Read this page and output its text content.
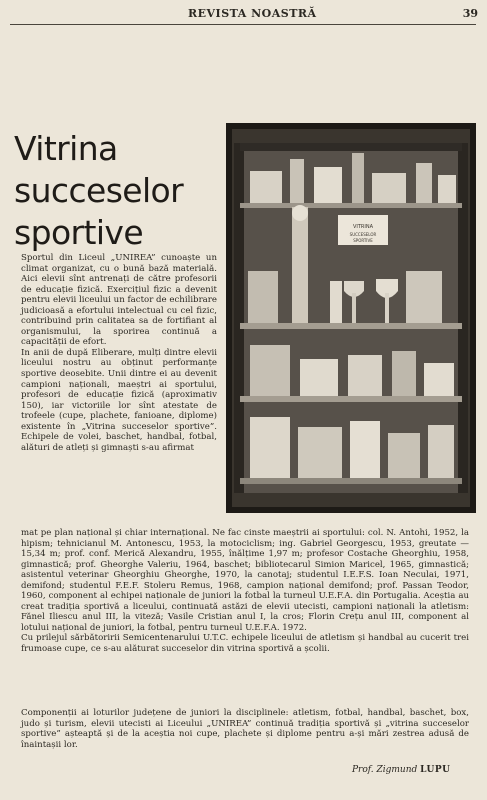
REVISTA NOASTRĂ	39
Vitrina
succeselor
sportive	VITRINA
SUCCESELOR
SPORTIVE
Sportul din Liceul „UNIREA” cunoaște un climat organizat, cu o bună bază materială. Aici elevii sînt antrenați de către profesorii de educație fizică. Exercițiul fizic a devenit pentru elevii liceului un factor de echilibrare judicioasă a efortului intelectual cu cel fizic, contribuind prin calitatea sa de fortifiant al organismului, la sporirea continuă a capacității de efort.
In anii de după Eliberare, mulți dintre elevii liceului nostru au obținut performanțe sportive deosebite. Unii dintre ei au devenit campioni naționali, maeștri ai sportului, profesori de educație fizică (aproximativ 150), iar victoriile lor sînt atestate de trofeele (cupe, plachete, fanioane, diplome) existente în „Vitrina succeselor sportive”. Echipele de volei, baschet, handbal, fotbal, alături de atleți și gimnaști s-au afirmat
mat pe plan național și chiar internațional. Ne fac cinste maeștrii ai sportului: col. N. Antohi, 1952, la hipism; tehnicianul M. Antonescu, 1953, la motociclism; ing. Gabriel Georgescu, 1953, greutate — 15,34 m; prof. conf. Merică Alexandru, 1955, înălțime 1,97 m; profesor Costache Gheorghiu, 1958, gimnastică; prof. Gheorghe Valeriu, 1964, baschet; bibliotecarul Simion Maricel, 1965, gimnastică; asistentul veterinar Gheorghiu Gheorghe, 1970, la canotaj; studentul I.E.F.S. Ioan Neculai, 1971, demifond; studentul F.E.F. Stoleru Remus, 1968, campion național demifond; prof. Passan Teodor, 1960, component al echipei naționale de juniori la fotbal la turneul U.E.F.A. din Portugalia. Aceștia au creat tradiția sportivă a liceului, continuată astăzi de elevii utecisti, campioni naționali la atletism: Fănel Iliescu anul III, la viteză; Vasile Cristian anul I, la cros; Florin Crețu anul III, component al lotului național de juniori, la fotbal, pentru turneul U.E.F.A. 1972.
Cu prilejul sărbătoririi Semicentenarului U.T.C. echipele liceului de atletism și handbal au cucerit trei frumoase cupe, ce s-au alăturat succeselor din vitrina sportivă a școlii.
Componenții ai loturilor județene de juniori la disciplinele: atletism, fotbal, handbal, baschet, box, judo și turism, elevii utecisti ai Liceului „UNIREA” continuă tradiția sportivă și „vitrina succeselor sportive” așteaptă și de la aceștia noi cupe, plachete și diplome pentru a-și mări zestrea adusă de înaintașii lor.
Prof. Zigmund LUPU
